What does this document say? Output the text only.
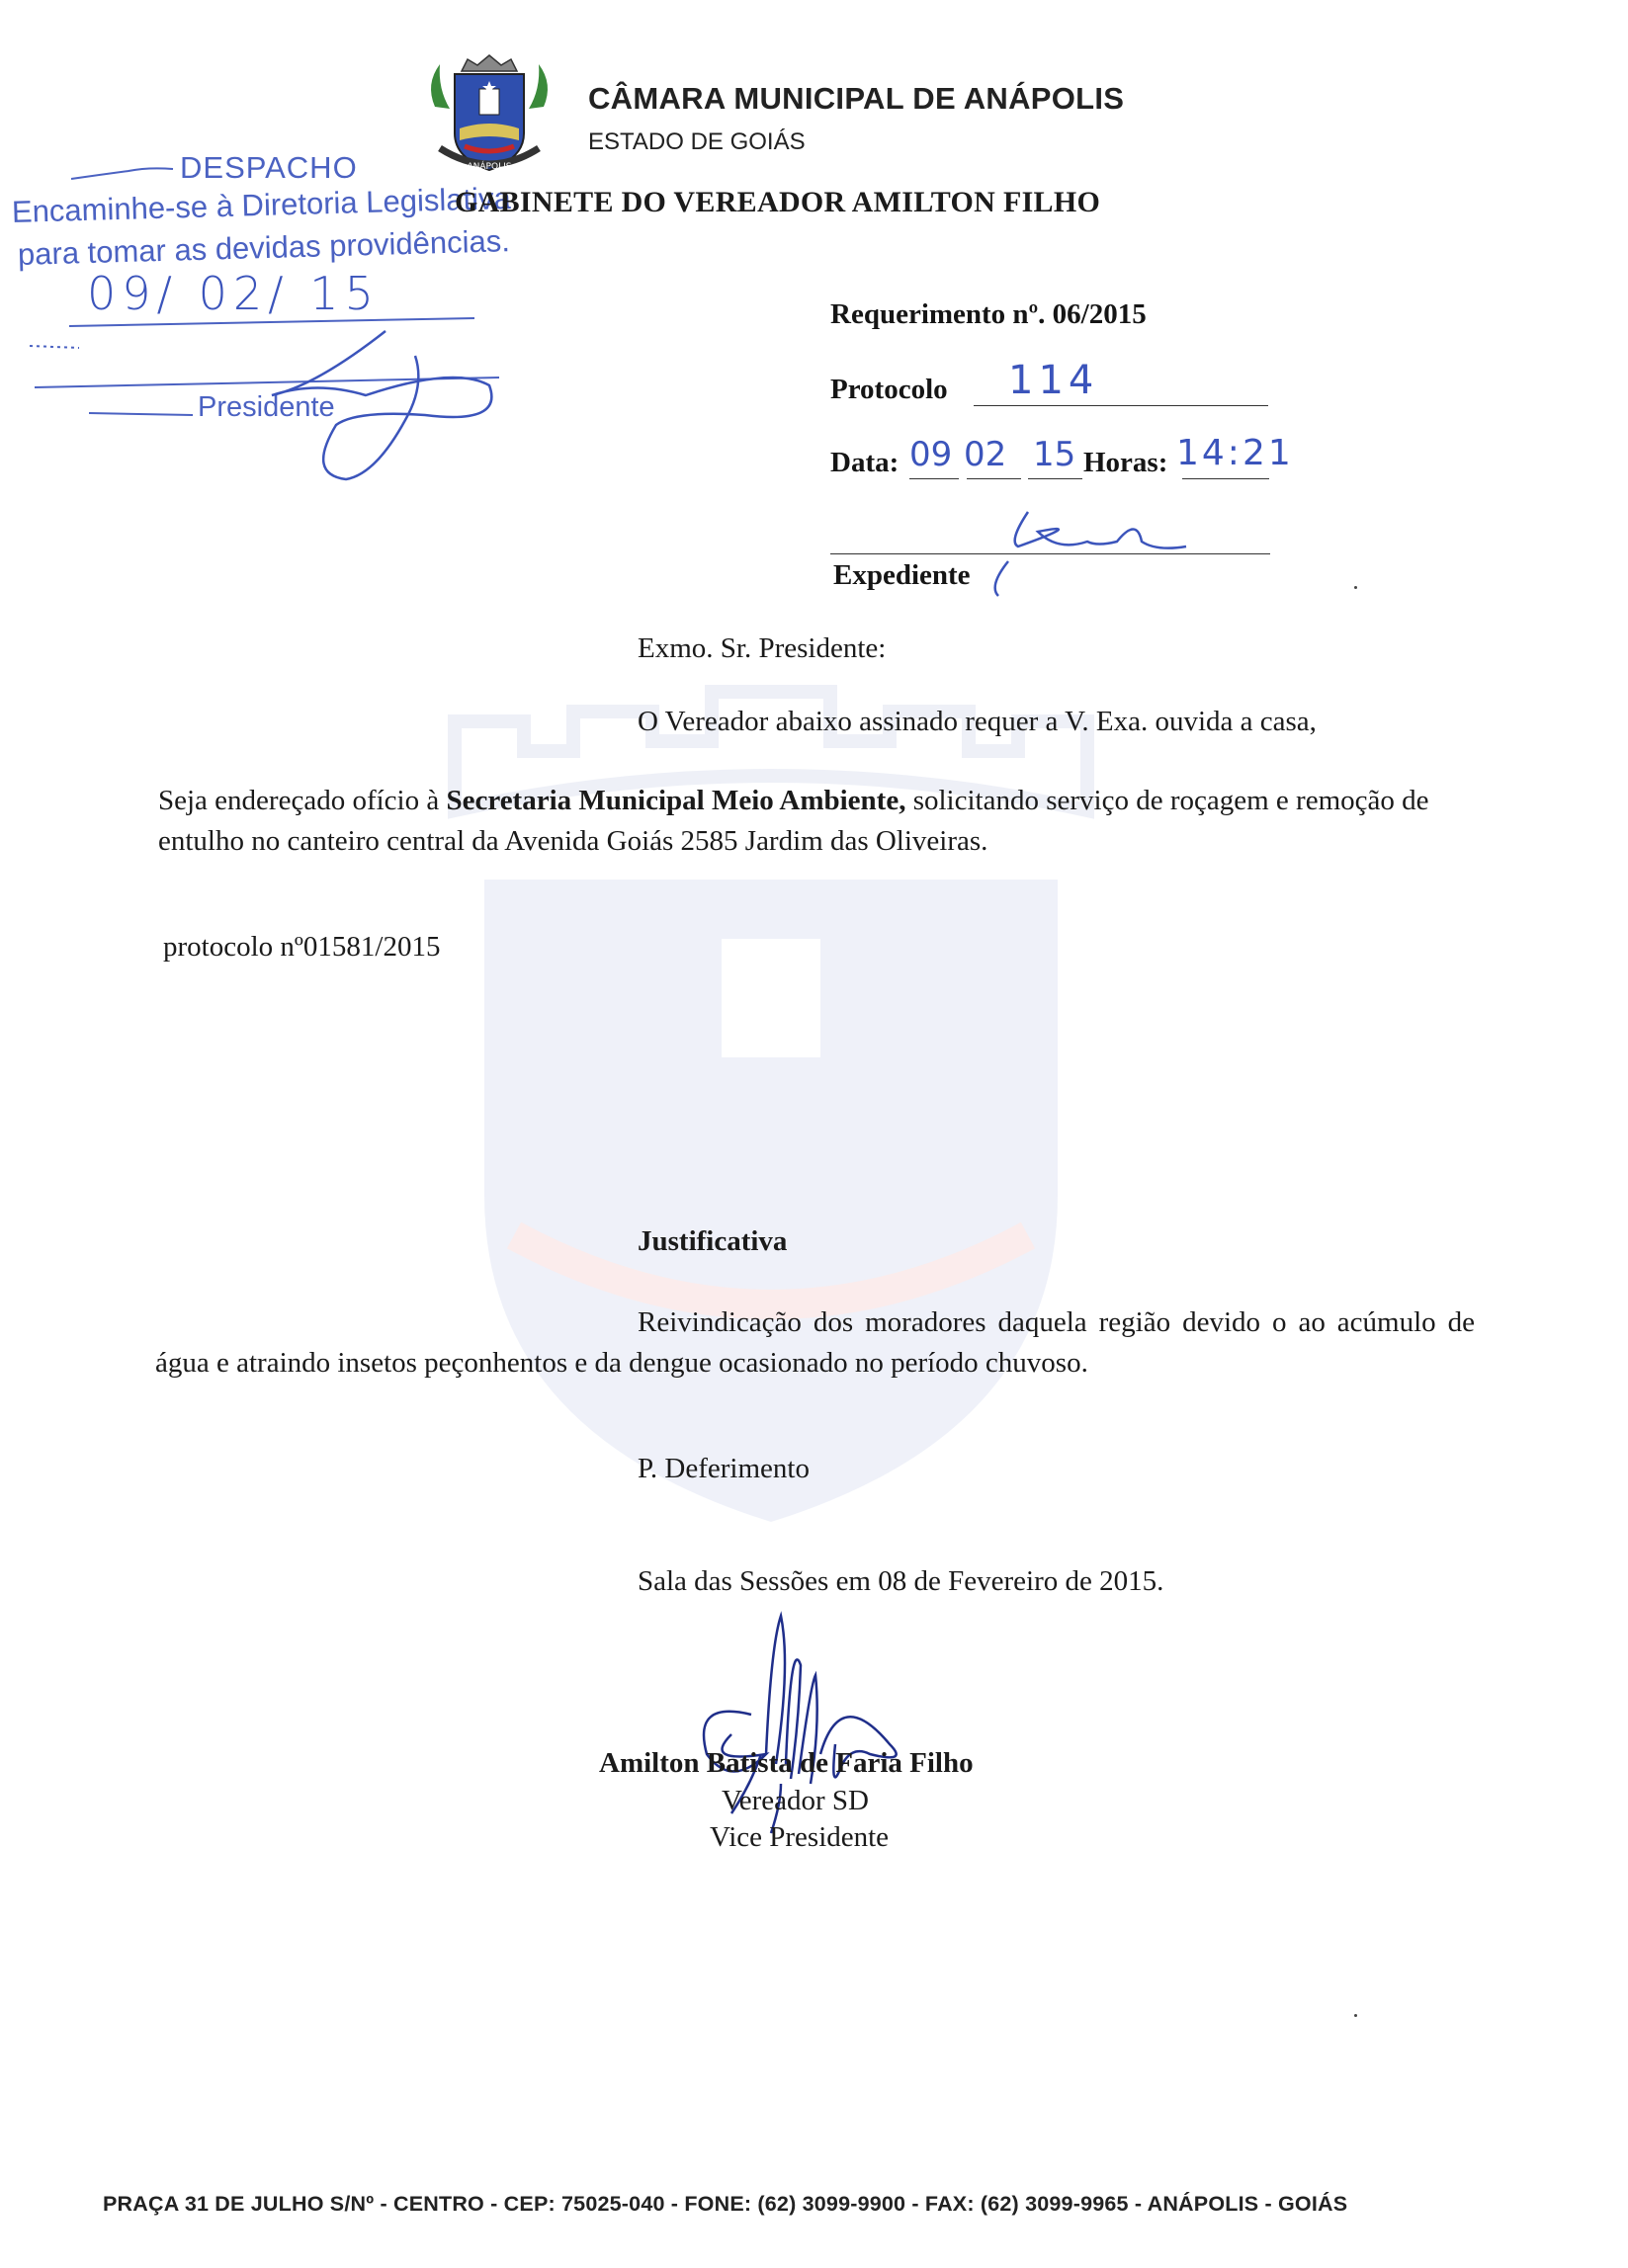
ANÁPOLIS
CÂMARA MUNICIPAL DE ANÁPOLIS
ESTADO DE GOIÁS
DESPACHO
Encaminhe-se à Diretoria Legislativa
para tomar as devidas providências.
09/ 02/ 15
Presidente
GABINETE DO VEREADOR AMILTON FILHO
Requerimento nº. 06/2015
Protocolo 114
Data: 09 02 15 Horas: 14:21
Expediente
Exmo. Sr. Presidente:
O Vereador abaixo assinado requer a V. Exa. ouvida a casa,
Seja endereçado ofício à Secretaria Municipal Meio Ambiente, solicitando serviço de roçagem e remoção de entulho no canteiro central da Avenida Goiás 2585 Jardim das Oliveiras.
protocolo nº01581/2015
Justificativa
Reivindicação dos moradores daquela região devido o ao acúmulo de água e atraindo insetos peçonhentos e da dengue ocasionado no período chuvoso.
P. Deferimento
Sala das Sessões em 08 de Fevereiro de 2015.
Amilton Batista de Faria Filho
Vereador SD
Vice Presidente
PRAÇA 31 DE JULHO S/Nº - CENTRO - CEP: 75025-040 - FONE: (62) 3099-9900 - FAX: (62) 3099-9965 - ANÁPOLIS - GOIÁS
